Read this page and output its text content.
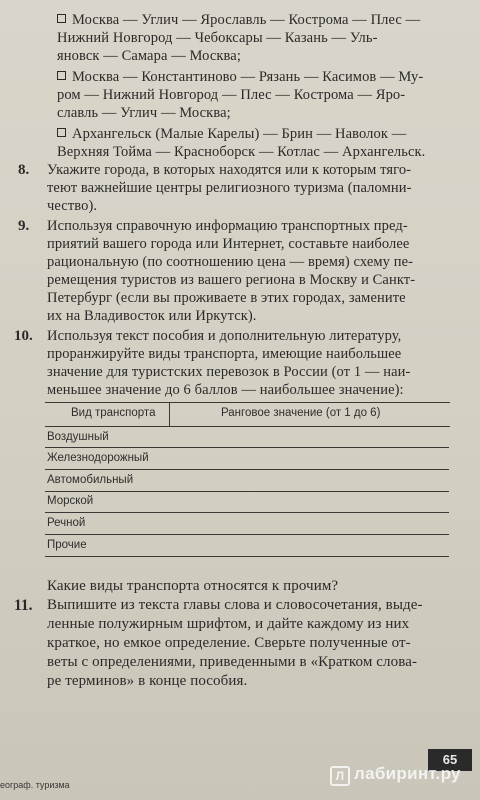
Москва — Углич — Ярославль — Кострома — Плес —
Нижний Новгород — Чебоксары — Казань — Уль-
яновск — Самара — Москва;
Москва — Константиново — Рязань — Касимов — Му-
ром — Нижний Новгород — Плес — Кострома — Яро-
славль — Углич — Москва;
Архангельск (Малые Карелы) — Брин — Наволок —
Верхняя Тойма — Красноборск — Котлас — Архангельск.
8. Укажите города, в которых находятся или к которым тяго-
теют важнейшие центры религиозного туризма (паломни-
чество).
9. Используя справочную информацию транспортных пред-
приятий вашего города или Интернет, составьте наиболее
рациональную (по соотношению цена — время) схему пе-
ремещения туристов из вашего региона в Москву и Санкт-
Петербург (если вы проживаете в этих городах, замените
их на Владивосток или Иркутск).
10. Используя текст пособия и дополнительную литературу,
проранжируйте виды транспорта, имеющие наибольшее
значение для туристских перевозок в России (от 1 — наи-
меньшее значение до 6 баллов — наибольшее значение):
Вид транспорта	Ранговое значение (от 1 до 6)
Воздушный
Железнодорожный
Автомобильный
Морской
Речной
Прочие
Какие виды транспорта относятся к прочим?
11. Выпишите из текста главы слова и словосочетания, выде-
ленные полужирным шрифтом, и дайте каждому из них
краткое, но емкое определение. Сверьте полученные от-
веты с определениями, приведенными в «Кратком слова-
ре терминов» в конце пособия.
65
еограф. туризма
Л лабиринт.ру
